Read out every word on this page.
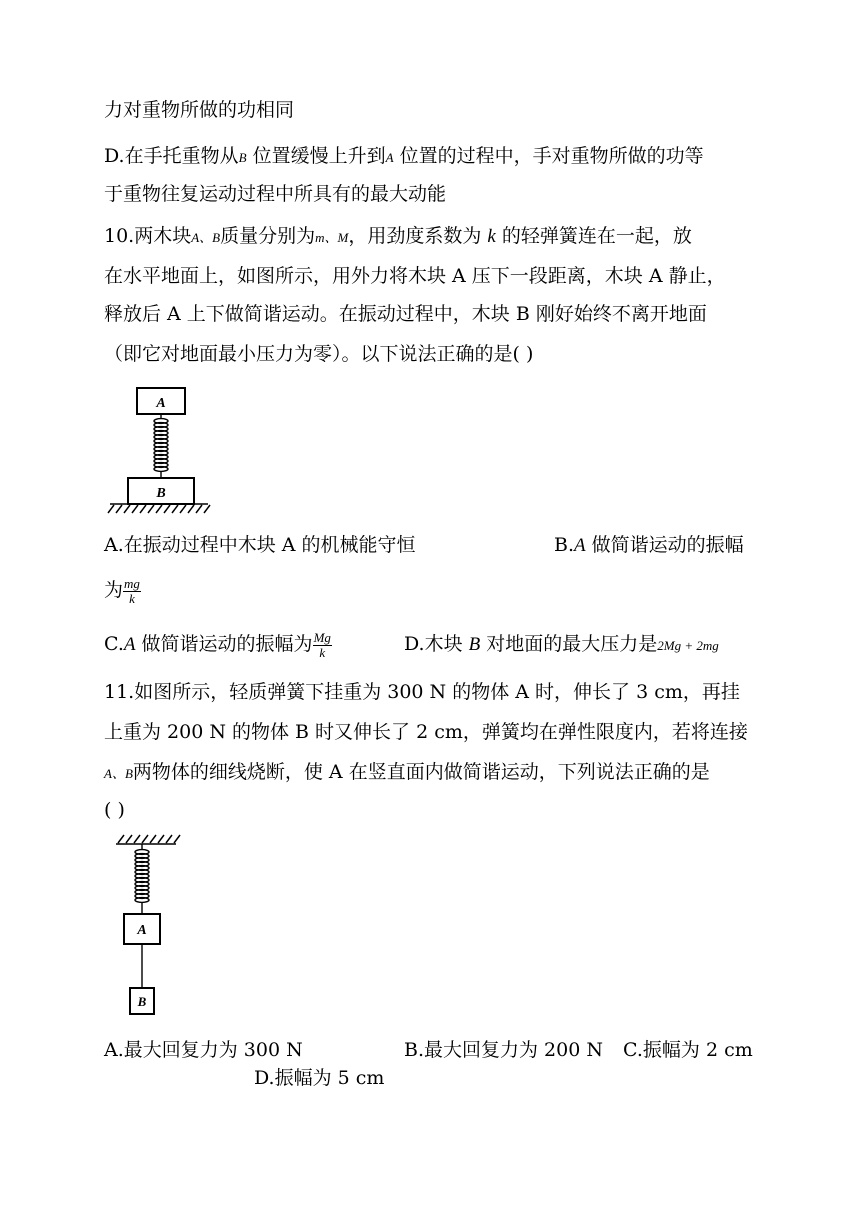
力对重物所做的功相同
D.在手托重物从B 位置缓慢上升到A 位置的过程中，手对重物所做的功等
于重物往复运动过程中所具有的最大动能
10.两木块A、B质量分别为m、M，用劲度系数为 k 的轻弹簧连在一起，放
在水平地面上，如图所示，用外力将木块 A 压下一段距离，木块 A 静止，
释放后 A 上下做简谐运动。在振动过程中，木块 B 刚好始终不离开地面
（即它对地面最小压力为零）。以下说法正确的是( )
A
B
A.在振动过程中木块 A 的机械能守恒	B.A 做简谐运动的振幅
为 $\frac{mg}{k}$
C.A 做简谐运动的振幅为 $\frac{Mg}{k}$	D.木块 B 对地面的最大压力是2Mg + 2mg
11.如图所示，轻质弹簧下挂重为 300 N 的物体 A 时，伸长了 3 cm，再挂
上重为 200 N 的物体 B 时又伸长了 2 cm，弹簧均在弹性限度内，若将连接
A、B两物体的细线烧断，使 A 在竖直面内做简谐运动，下列说法正确的是
( )
A
B
A.最大回复力为 300 N	B.最大回复力为 200 N C.振幅为 2 cm
D.振幅为 5 cm
